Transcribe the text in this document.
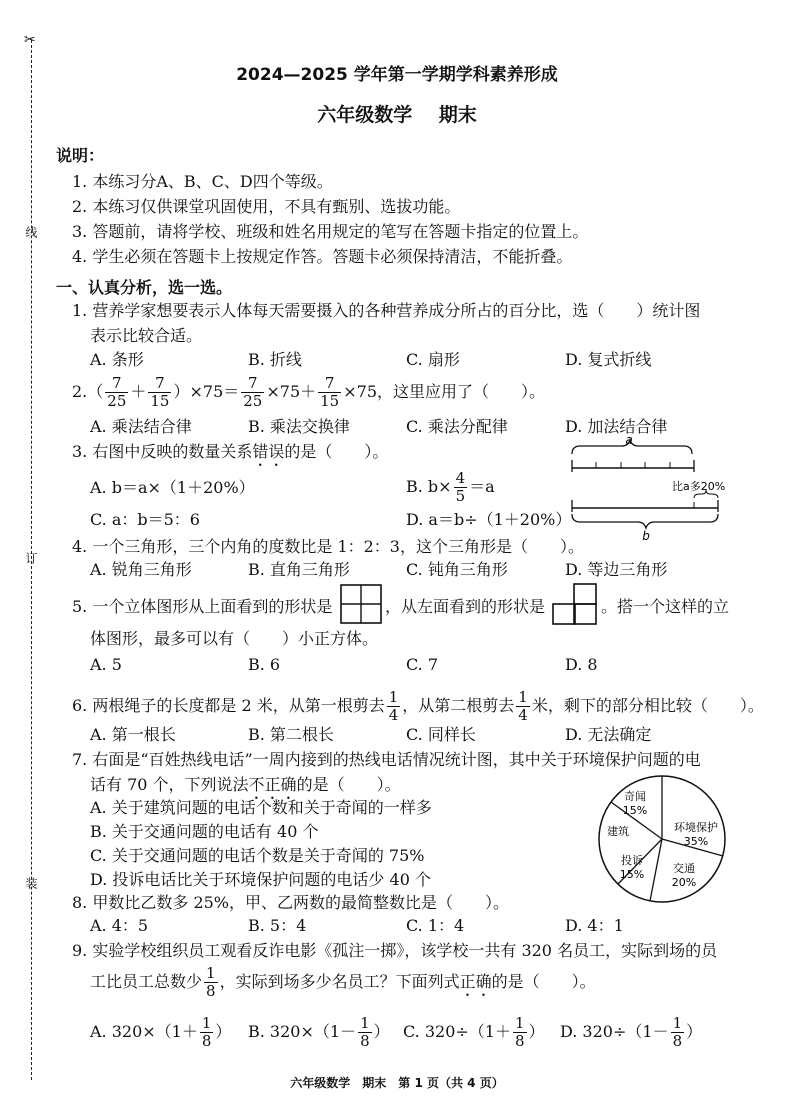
✂
线
订
装
2024—2025 学年第一学期学科素养形成
六年级数学    期末
说明：
1. 本练习分A、B、C、D四个等级。
2. 本练习仅供课堂巩固使用，不具有甄别、选拔功能。
3. 答题前，请将学校、班级和姓名用规定的笔写在答题卡指定的位置上。
4. 学生必须在答题卡上按规定作答。答题卡必须保持清洁，不能折叠。
一、认真分析，选一选。
1. 营养学家想要表示人体每天需要摄入的各种营养成分所占的百分比，选（　　）统计图
表示比较合适。
A. 条形	B. 折线	C. 扇形	D. 复式折线
$2.( \frac{7}{25} + \frac{7}{15} )\times 75= \frac{7}{25} \times 75+ \frac{7}{15} \times 75$，这里应用了（　　）。
A. 乘法结合律	B. 乘法交换律	C. 乘法分配律	D. 加法结合律
3. 右图中反映的数量关系错误的是（　　）。
A. b＝a×（1＋20%）	B. $b\times \frac{4}{5} =a$
C. a：b＝5：6	D. a＝b÷（1＋20%）
a
比a多20%
b
4. 一个三角形，三个内角的度数比是 1：2：3，这个三角形是（　　）。
A. 锐角三角形	B. 直角三角形	C. 钝角三角形	D. 等边三角形
5. 一个立体图形从上面看到的形状是	，从左面看到的形状是	。搭一个这样的立
体图形，最多可以有（　　）小正方体。
A. 5	B. 6	C. 7	D. 8
6. 两根绳子的长度都是 2 米，从第一根剪去 $\frac{1}{4}$ ，从第二根剪去 $\frac{1}{4}$ 米，剩下的部分相比较（　　）。
A. 第一根长	B. 第二根长	C. 同样长	D. 无法确定
7. 右面是“百姓热线电话”一周内接到的热线电话情况统计图，其中关于环境保护问题的电
话有 70 个，下列说法不正确的是（　　）。
A. 关于建筑问题的电话个数和关于奇闻的一样多
B. 关于交通问题的电话有 40 个
C. 关于交通问题的电话个数是关于奇闻的 75%
D. 投诉电话比关于环境保护问题的电话少 40 个
奇闻
15%
环境保护
35%
交通
20%
投诉
15%
建筑
8. 甲数比乙数多 25%，甲、乙两数的最简整数比是（　　）。
A. 4：5	B. 5：4	C. 1：4	D. 4：1
9. 实验学校组织员工观看反诈电影《孤注一掷》，该学校一共有 320 名员工，实际到场的员
工比员工总数少 $\frac{1}{8}$ ，实际到场多少名员工？下面列式正确的是（　　）。
A. $320\times(1+ \frac{1}{8}$ ） B. $320\times(1- \frac{1}{8}$ ） C. $320\div(1+ \frac{1}{8}$ ） D. $320\div(1- \frac{1}{8}$ ）
六年级数学　期末　第 1 页（共 4 页）
